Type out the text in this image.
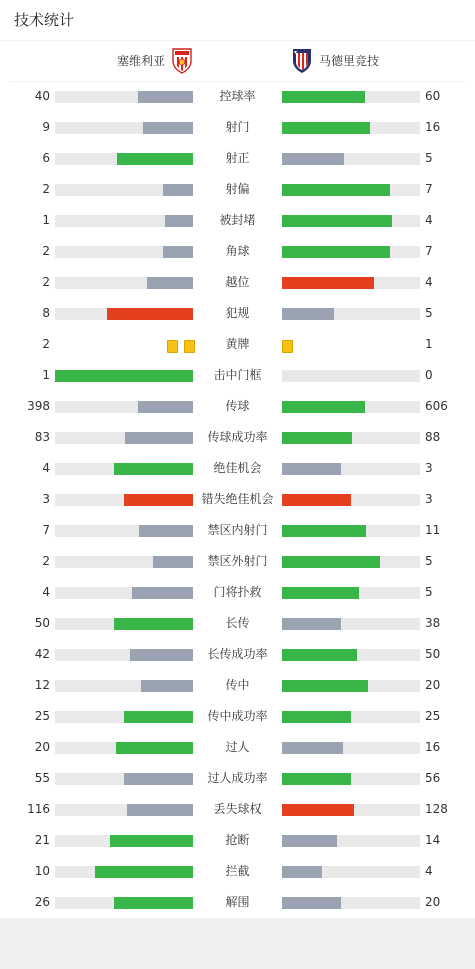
技术统计
塞维利亚	马德里竞技
40	控球率	60
9	射门	16
6	射正	5
2	射偏	7
1	被封堵	4
2	角球	7
2	越位	4
8	犯规	5
2	黄牌	1
1	击中门框	0
398	传球	606
83	传球成功率	88
4	绝佳机会	3
3	错失绝佳机会	3
7	禁区内射门	11
2	禁区外射门	5
4	门将扑救	5
50	长传	38
42	长传成功率	50
12	传中	20
25	传中成功率	25
20	过人	16
55	过人成功率	56
116	丢失球权	128
21	抢断	14
10	拦截	4
26	解围	20
